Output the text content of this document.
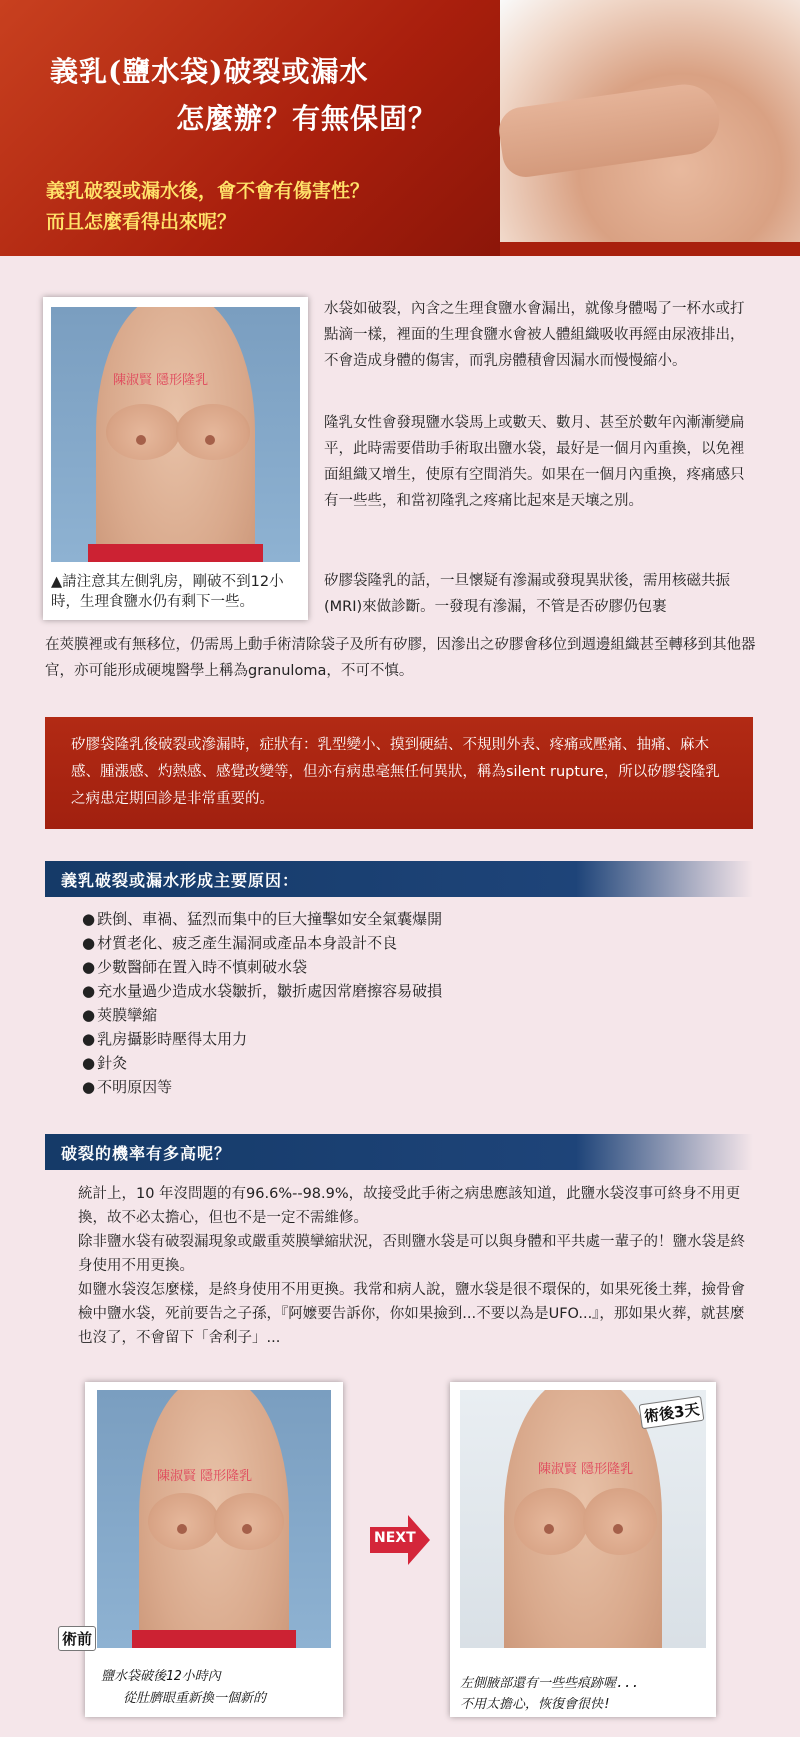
義乳(鹽水袋)破裂或漏水
怎麼辦？有無保固？
義乳破裂或漏水後，會不會有傷害性？
而且怎麼看得出來呢？
陳淑賢 隱形隆乳
▲請注意其左側乳房，剛破不到12小時，生理食鹽水仍有剩下一些。
水袋如破裂，內含之生理食鹽水會漏出，就像身體喝了一杯水或打點滴一樣，裡面的生理食鹽水會被人體組織吸收再經由尿液排出，不會造成身體的傷害，而乳房體積會因漏水而慢慢縮小。
隆乳女性會發現鹽水袋馬上或數天、數月、甚至於數年內漸漸變扁平，此時需要借助手術取出鹽水袋，最好是一個月內重換，以免裡面組織又增生，使原有空間消失。如果在一個月內重換，疼痛感只有一些些，和當初隆乳之疼痛比起來是天壤之別。
矽膠袋隆乳的話，一旦懷疑有滲漏或發現異狀後，需用核磁共振(MRI)來做診斷。一發現有滲漏，不管是否矽膠仍包裹
在莢膜裡或有無移位，仍需馬上動手術清除袋子及所有矽膠，因滲出之矽膠會移位到週邊組織甚至轉移到其他器官，亦可能形成硬塊醫學上稱為granuloma，不可不慎。
矽膠袋隆乳後破裂或滲漏時，症狀有：乳型變小、摸到硬結、不規則外表、疼痛或壓痛、抽痛、麻木感、腫漲感、灼熱感、感覺改變等，但亦有病患毫無任何異狀，稱為silent rupture，所以矽膠袋隆乳之病患定期回診是非常重要的。
義乳破裂或漏水形成主要原因：
● 跌倒、車禍、猛烈而集中的巨大撞擊如安全氣囊爆開
● 材質老化、疲乏產生漏洞或產品本身設計不良
● 少數醫師在置入時不慎刺破水袋
● 充水量過少造成水袋皺折，皺折處因常磨擦容易破損
● 莢膜攣縮
● 乳房攝影時壓得太用力
● 針灸
● 不明原因等
破裂的機率有多高呢？
統計上，10 年沒問題的有96.6%--98.9%，故接受此手術之病患應該知道，此鹽水袋沒事可終身不用更換，故不必太擔心，但也不是一定不需維修。
除非鹽水袋有破裂漏現象或嚴重莢膜攣縮狀況，否則鹽水袋是可以與身體和平共處一輩子的！鹽水袋是終身使用不用更換。
如鹽水袋沒怎麼樣，是終身使用不用更換。我常和病人說，鹽水袋是很不環保的，如果死後土葬，撿骨會檢中鹽水袋，死前要告之子孫，『阿嬤要告訴你，你如果撿到...不要以為是UFO...』，那如果火葬，就甚麼也沒了，不會留下「舍利子」...
陳淑賢 隱形隆乳
鹽水袋破後12小時內
從肚臍眼重新換一個新的
術前
NEXT
陳淑賢 隱形隆乳
左側腋部還有一些些痕跡喔...
不用太擔心，恢復會很快!
術後3天
